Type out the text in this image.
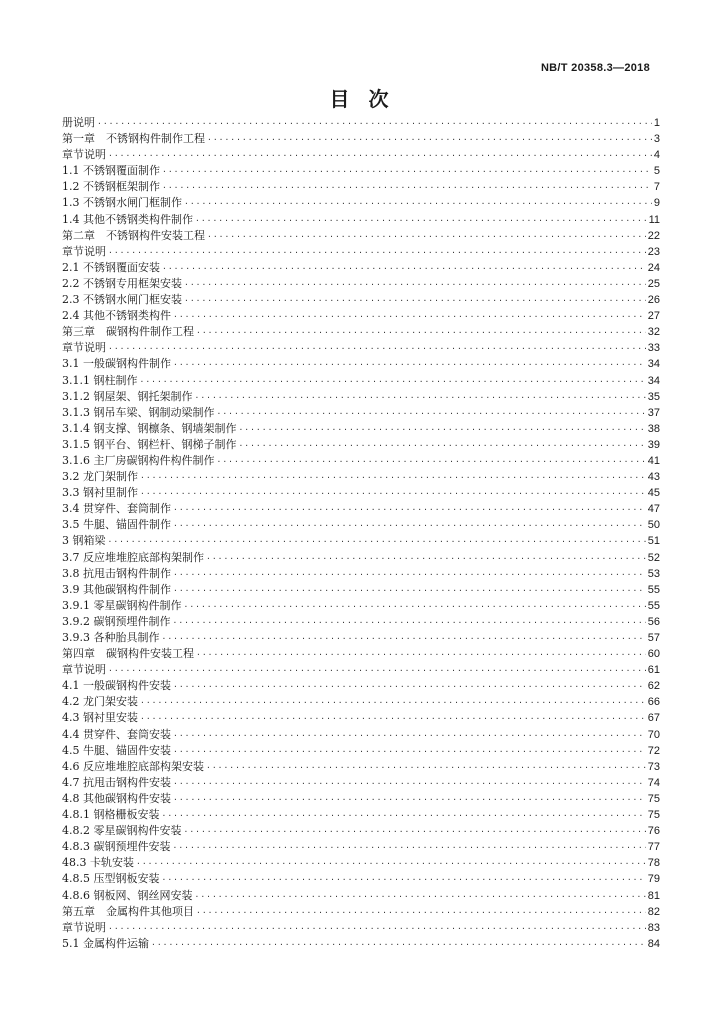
NB/T 20358.3—2018
目 次
册说明 ·····	1
第一章　不锈钢构件制作工程 ·····	3
章节说明 ·····	4
1.1 不锈钢覆面制作 ·····	5
1.2 不锈钢框架制作 ·····	7
1.3 不锈钢水闸门框制作 ·····	9
1.4 其他不锈钢类构件制作 ·····	11
第二章　不锈钢构件安装工程 ·····	22
章节说明 ·····	23
2.1 不锈钢覆面安装 ·····	24
2.2 不锈钢专用框架安装 ·····	25
2.3 不锈钢水闸门框安装 ·····	26
2.4 其他不锈钢类构件 ·····	27
第三章　碳钢构件制作工程 ·····	32
章节说明 ·····	33
3.1 一般碳钢构件制作 ·····	34
3.1.1 钢柱制作 ·····	34
3.1.2 钢屋架、钢托架制作 ·····	35
3.1.3 钢吊车梁、钢制动梁制作 ·····	37
3.1.4 钢支撑、钢檩条、钢墙架制作 ·····	38
3.1.5 钢平台、钢栏杆、钢梯子制作 ·····	39
3.1.6 主厂房碳钢构件构件制作 ·····	41
3.2 龙门架制作 ·····	43
3.3 钢衬里制作 ·····	45
3.4 贯穿件、套筒制作 ·····	47
3.5 牛腿、锚固件制作 ·····	50
3 钢箱梁 ·····	51
3.7 反应堆堆腔底部构架制作 ·····	52
3.8 抗甩击钢构件制作 ·····	53
3.9 其他碳钢构件制作 ·····	55
3.9.1 零星碳钢构件制作 ·····	55
3.9.2 碳钢预埋件制作 ·····	56
3.9.3 各种胎具制作 ·····	57
第四章　碳钢构件安装工程 ·····	60
章节说明 ·····	61
4.1 一般碳钢构件安装 ·····	62
4.2 龙门架安装 ·····	66
4.3 钢衬里安装 ·····	67
4.4 贯穿件、套筒安装 ·····	70
4.5 牛腿、锚固件安装 ·····	72
4.6 反应堆堆腔底部构架安装 ·····	73
4.7 抗甩击钢构件安装 ·····	74
4.8 其他碳钢构件安装 ·····	75
4.8.1 钢格栅板安装 ·····	75
4.8.2 零星碳钢构件安装 ·····	76
4.8.3 碳钢预埋件安装 ·····	77
48.3 卡轨安装 ·····	78
4.8.5 压型钢板安装 ·····	79
4.8.6 钢板网、钢丝网安装 ·····	81
第五章　金属构件其他项目 ·····	82
章节说明 ·····	83
5.1 金属构件运输 ·····	84
